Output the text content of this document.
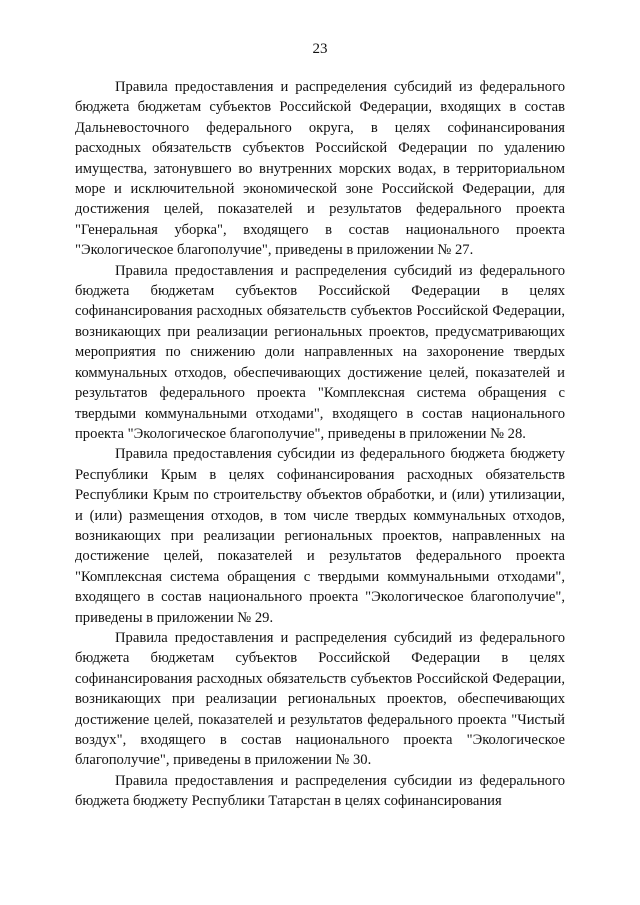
23

Правила предоставления и распределения субсидий из федерального бюджета бюджетам субъектов Российской Федерации, входящих в состав Дальневосточного федерального округа, в целях софинансирования расходных обязательств субъектов Российской Федерации по удалению имущества, затонувшего во внутренних морских водах, в территориальном море и исключительной экономической зоне Российской Федерации, для достижения целей, показателей и результатов федерального проекта "Генеральная уборка", входящего в состав национального проекта "Экологическое благополучие", приведены в приложении № 27.

Правила предоставления и распределения субсидий из федерального бюджета бюджетам субъектов Российской Федерации в целях софинансирования расходных обязательств субъектов Российской Федерации, возникающих при реализации региональных проектов, предусматривающих мероприятия по снижению доли направленных на захоронение твердых коммунальных отходов, обеспечивающих достижение целей, показателей и результатов федерального проекта "Комплексная система обращения с твердыми коммунальными отходами", входящего в состав национального проекта "Экологическое благополучие", приведены в приложении № 28.

Правила предоставления субсидии из федерального бюджета бюджету Республики Крым в целях софинансирования расходных обязательств Республики Крым по строительству объектов обработки, и (или) утилизации, и (или) размещения отходов, в том числе твердых коммунальных отходов, возникающих при реализации региональных проектов, направленных на достижение целей, показателей и результатов федерального проекта "Комплексная система обращения с твердыми коммунальными отходами", входящего в состав национального проекта "Экологическое благополучие", приведены в приложении № 29.

Правила предоставления и распределения субсидий из федерального бюджета бюджетам субъектов Российской Федерации в целях софинансирования расходных обязательств субъектов Российской Федерации, возникающих при реализации региональных проектов, обеспечивающих достижение целей, показателей и результатов федерального проекта "Чистый воздух", входящего в состав национального проекта "Экологическое благополучие", приведены в приложении № 30.

Правила предоставления и распределения субсидии из федерального бюджета бюджету Республики Татарстан в целях софинансирования
